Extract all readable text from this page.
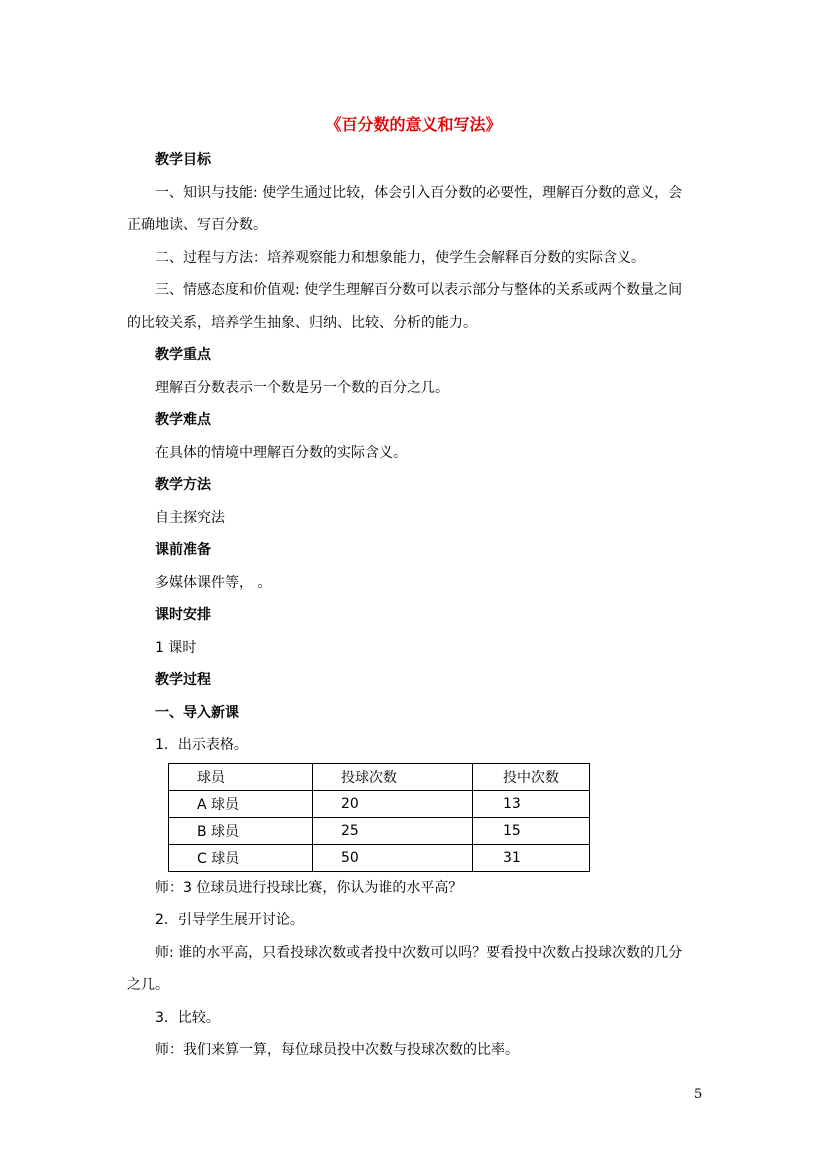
《百分数的意义和写法》
教学目标
一、知识与技能: 使学生通过比较，体会引入百分数的必要性，理解百分数的意义，会
正确地读、写百分数。
二、过程与方法：培养观察能力和想象能力，使学生会解释百分数的实际含义。
三、情感态度和价值观: 使学生理解百分数可以表示部分与整体的关系或两个数量之间
的比较关系，培养学生抽象、归纳、比较、分析的能力。
教学重点
理解百分数表示一个数是另一个数的百分之几。
教学难点
在具体的情境中理解百分数的实际含义。
教学方法
自主探究法
课前准备
多媒体课件等， 。
课时安排
1 课时
教学过程
一、导入新课
1．出示表格。
球员	投球次数	投中次数
A 球员	20	13
B 球员	25	15
C 球员	50	31
师：3 位球员进行投球比赛，你认为谁的水平高？
2．引导学生展开讨论。
师: 谁的水平高，只看投球次数或者投中次数可以吗？要看投中次数占投球次数的几分
之几。
3．比较。
师：我们来算一算，每位球员投中次数与投球次数的比率。
5
